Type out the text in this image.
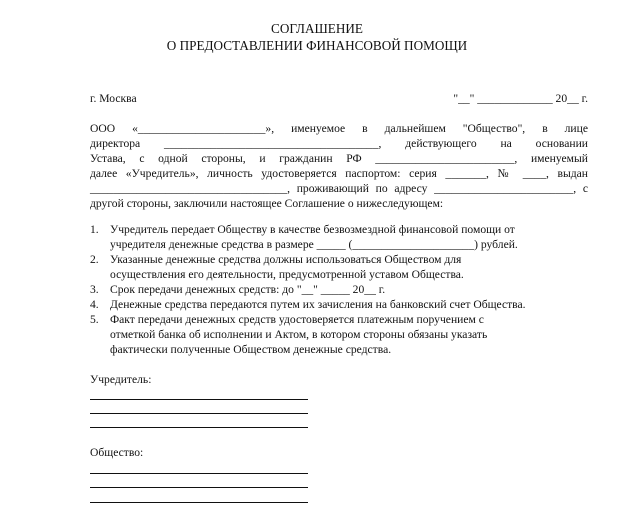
СОГЛАШЕНИЕ
О ПРЕДОСТАВЛЕНИИ ФИНАНСОВОЙ ПОМОЩИ
г. Москва	"__" _____________ 20__ г.
ООО «______________________», именуемое в дальнейшем "Общество", в лице
директора _____________________________________, действующего на основании
Устава, с одной стороны, и гражданин РФ ________________________, именуемый
далее «Учредитель», личность удостоверяется паспортом: серия _______, № ____, выдан
__________________________________, проживающий по адресу ________________________, с
другой стороны, заключили настоящее Соглашение о нижеследующем:
1. Учредитель передает Обществу в качестве безвозмездной финансовой помощи от
учредителя денежные средства в размере _____ (_____________________) рублей.
2. Указанные денежные средства должны использоваться Обществом для
осуществления его деятельности, предусмотренной уставом Общества.
3. Срок передачи денежных средств: до "__" _____ 20__ г.
4. Денежные средства передаются путем их зачисления на банковский счет Общества.
5. Факт передачи денежных средств удостоверяется платежным поручением с
отметкой банка об исполнении и Актом, в котором стороны обязаны указать
фактически полученные Обществом денежные средства.
Учредитель:
Общество:
